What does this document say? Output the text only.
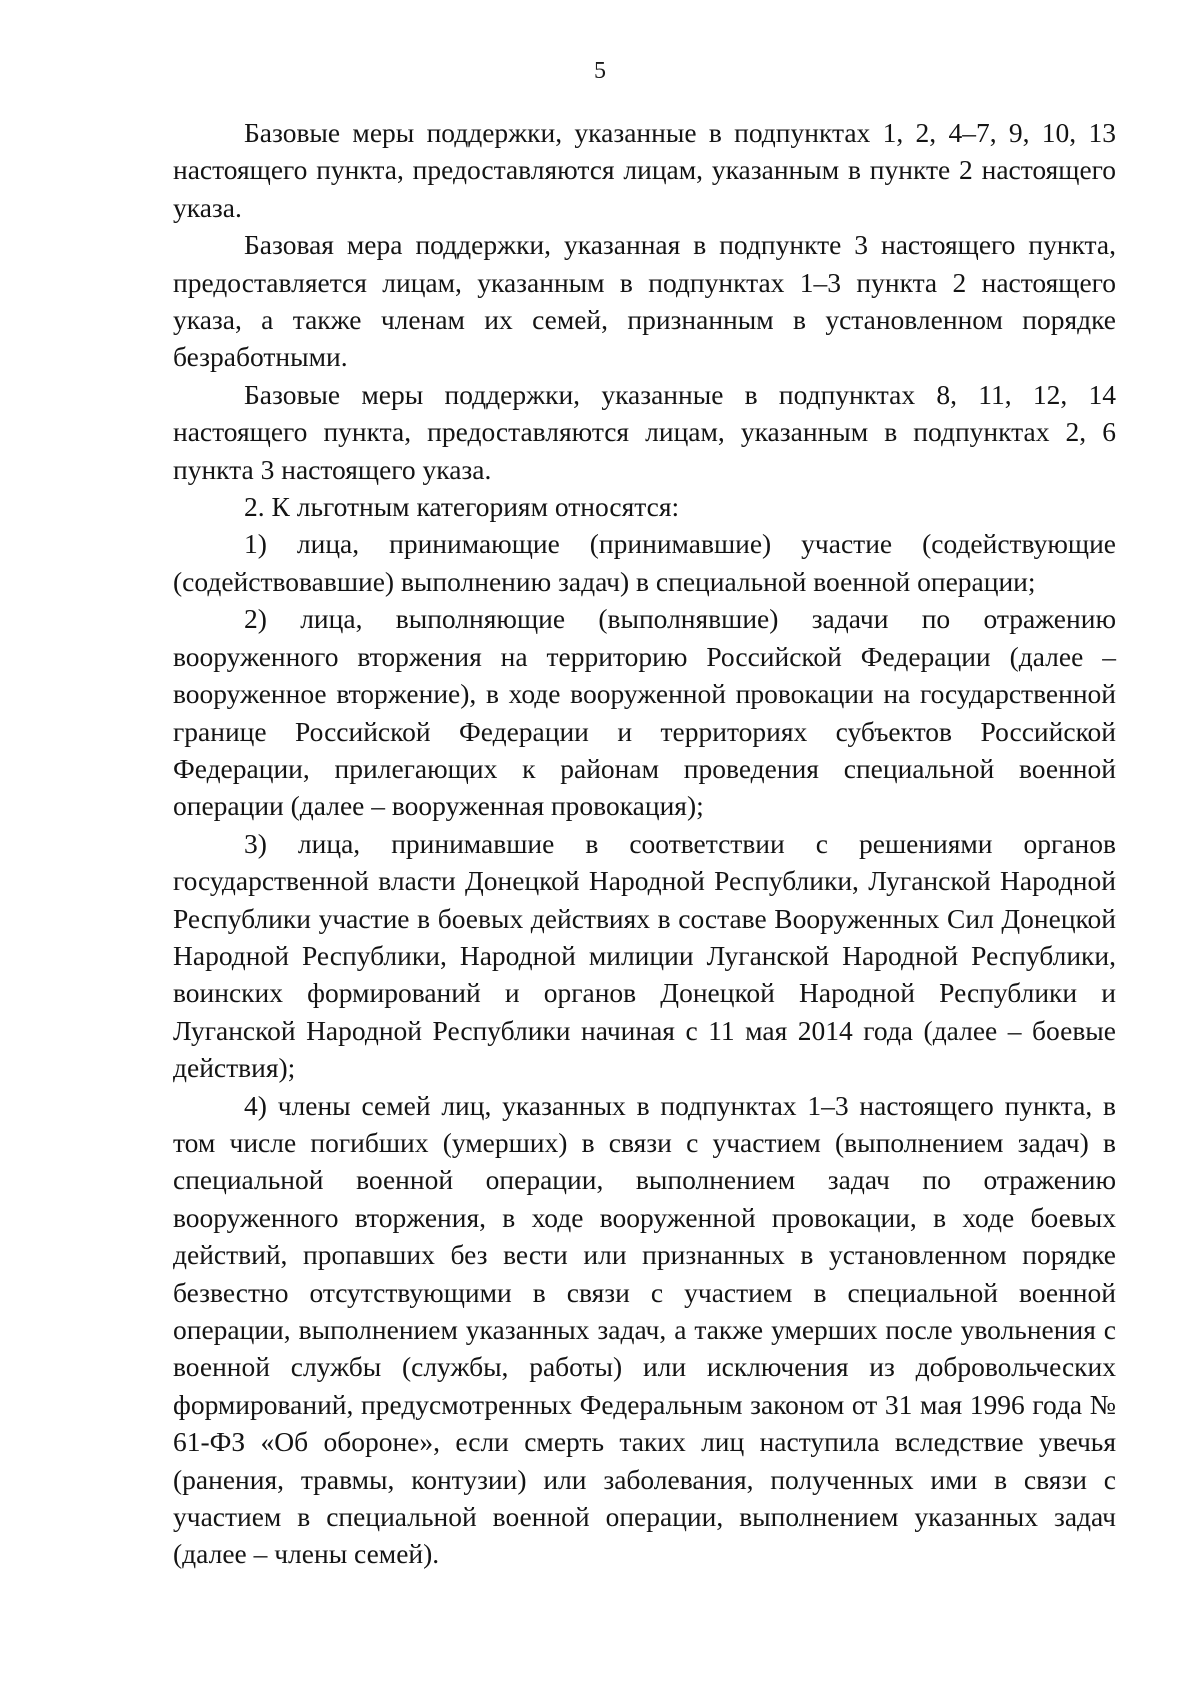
5

Базовые меры поддержки, указанные в подпунктах 1, 2, 4–7, 9, 10, 13 настоящего пункта, предоставляются лицам, указанным в пункте 2 настоящего указа.

Базовая мера поддержки, указанная в подпункте 3 настоящего пункта, предоставляется лицам, указанным в подпунктах 1–3 пункта 2 настоящего указа, а также членам их семей, признанным в установленном порядке безработными.

Базовые меры поддержки, указанные в подпунктах 8, 11, 12, 14 настоящего пункта, предоставляются лицам, указанным в подпунктах 2, 6 пункта 3 настоящего указа.

2. К льготным категориям относятся:

1) лица, принимающие (принимавшие) участие (содействующие (содействовавшие) выполнению задач) в специальной военной операции;

2) лица, выполняющие (выполнявшие) задачи по отражению вооруженного вторжения на территорию Российской Федерации (далее – вооруженное вторжение), в ходе вооруженной провокации на государственной границе Российской Федерации и территориях субъектов Российской Федерации, прилегающих к районам проведения специальной военной операции (далее – вооруженная провокация);

3) лица, принимавшие в соответствии с решениями органов государственной власти Донецкой Народной Республики, Луганской Народной Республики участие в боевых действиях в составе Вооруженных Сил Донецкой Народной Республики, Народной милиции Луганской Народной Республики, воинских формирований и органов Донецкой Народной Республики и Луганской Народной Республики начиная с 11 мая 2014 года (далее – боевые действия);

4) члены семей лиц, указанных в подпунктах 1–3 настоящего пункта, в том числе погибших (умерших) в связи с участием (выполнением задач) в специальной военной операции, выполнением задач по отражению вооруженного вторжения, в ходе вооруженной провокации, в ходе боевых действий, пропавших без вести или признанных в установленном порядке безвестно отсутствующими в связи с участием в специальной военной операции, выполнением указанных задач, а также умерших после увольнения с военной службы (службы, работы) или исключения из добровольческих формирований, предусмотренных Федеральным законом от 31 мая 1996 года № 61-ФЗ «Об обороне», если смерть таких лиц наступила вследствие увечья (ранения, травмы, контузии) или заболевания, полученных ими в связи с участием в специальной военной операции, выполнением указанных задач (далее – члены семей).
